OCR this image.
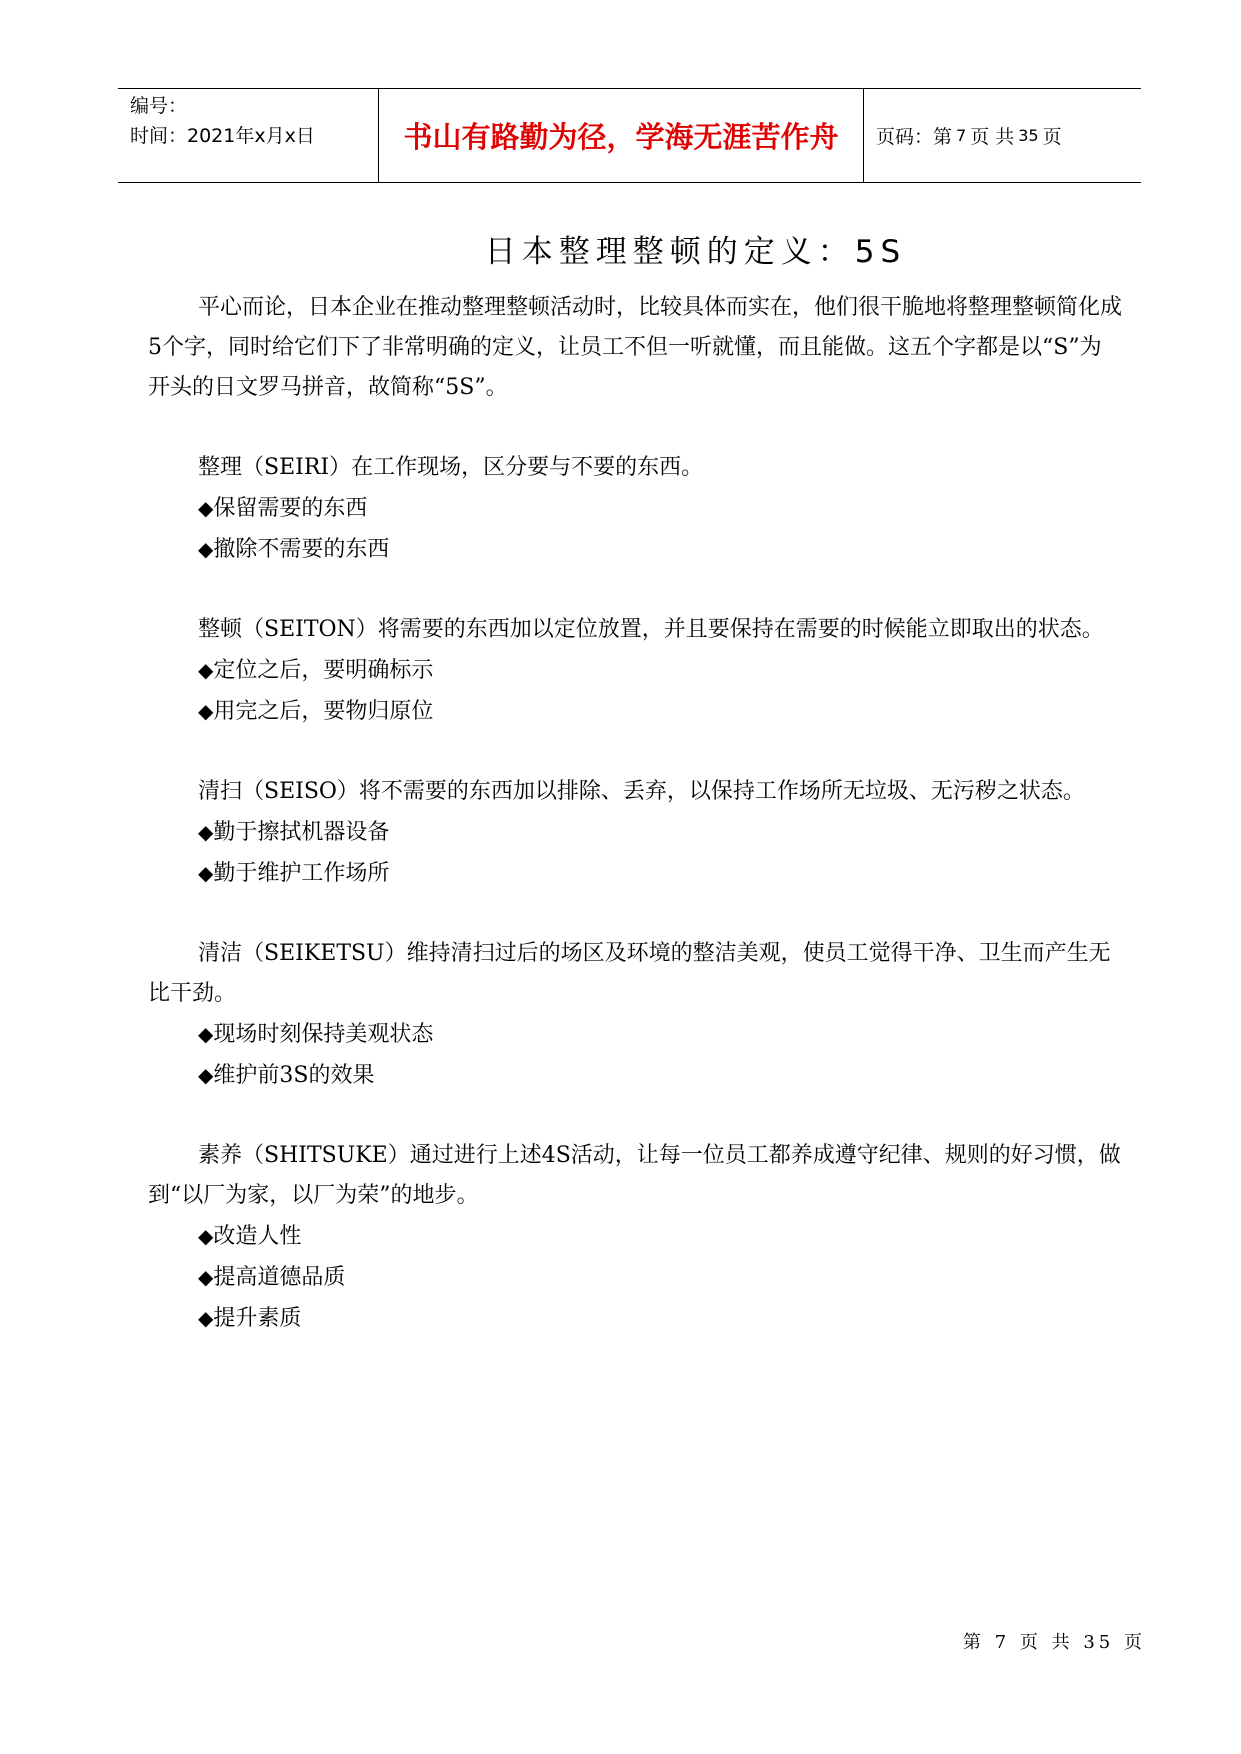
编号：
时间：2021年x月x日	书山有路勤为径，学海无涯苦作舟	页码：第 7 页 共 35 页
日本整理整顿的定义：5S

平心而论，日本企业在推动整理整顿活动时，比较具体而实在，他们很干脆地将整理整顿简化成5个字，同时给它们下了非常明确的定义，让员工不但一听就懂，而且能做。这五个字都是以“S”为开头的日文罗马拼音，故简称“5S”。

整理（SEIRI）在工作现场，区分要与不要的东西。

◆保留需要的东西

◆撤除不需要的东西

整顿（SEITON）将需要的东西加以定位放置，并且要保持在需要的时候能立即取出的状态。

◆定位之后，要明确标示

◆用完之后，要物归原位

清扫（SEISO）将不需要的东西加以排除、丢弃，以保持工作场所无垃圾、无污秽之状态。

◆勤于擦拭机器设备

◆勤于维护工作场所

清洁（SEIKETSU）维持清扫过后的场区及环境的整洁美观，使员工觉得干净、卫生而产生无比干劲。

◆现场时刻保持美观状态

◆维护前3S的效果

素养（SHITSUKE）通过进行上述4S活动，让每一位员工都养成遵守纪律、规则的好习惯，做到“以厂为家，以厂为荣”的地步。

◆改造人性

◆提高道德品质

◆提升素质

第 7 页 共 35 页
